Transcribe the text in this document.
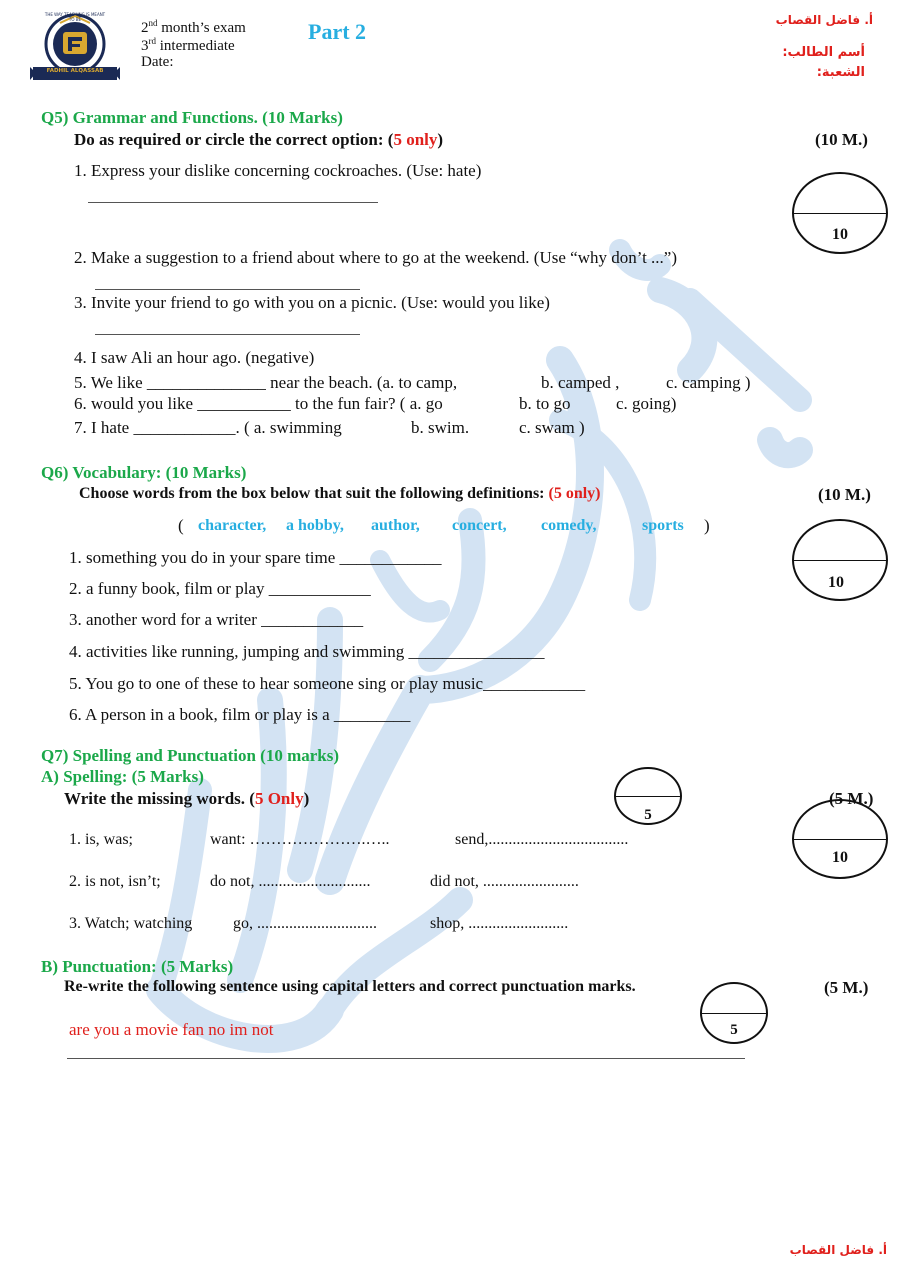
FADHIL ALQASSAB
THE WAY TEACHING IS MEANT TO BE
2nd month’s exam
3rd intermediate
Date:
Part 2	أ. فاضل القصاب
أسم الطالب:
الشعبة:
Q5) Grammar and Functions. (10 Marks)
Do as required or circle the correct option: (5 only)	(10 M.)
10
1. Express your dislike concerning cockroaches. (Use: hate)
2. Make a suggestion to a friend about where to go at the weekend. (Use “why don’t ...”)
3. Invite your friend to go with you on a picnic. (Use: would you like)
4. I saw Ali an hour ago. (negative)
5. We like ______________ near the beach. (a. to camp,	b. camped ,	c. camping )
6. would you like ___________ to the fun fair? ( a. go	b. to go	c. going)
7. I hate ____________. ( a. swimming	b. swim.	c. swam )
Q6) Vocabulary: (10 Marks)
Choose words from the box below that suit the following definitions: (5 only)	(10 M.)
( character, a hobby, author, concert, comedy,	sports )
10
1. something you do in your spare time ____________
2. a funny book, film or play ____________
3. another word for a writer ____________
4. activities like running, jumping and swimming ________________
5. You go to one of these to hear someone sing or play music____________
6. A person in a book, film or play is a _________
Q7) Spelling and Punctuation (10 marks)
A) Spelling: (5 Marks)
Write the missing words. (5 Only)	(5 M.)
5
10
1. is, was;	want: ………………….…..	send,...................................
2. is not, isn’t;	do not, ............................	did not, ........................
3. Watch; watching	go, ..............................	shop, .........................
B) Punctuation: (5 Marks)
Re-write the following sentence using capital letters and correct punctuation marks.	(5 M.)
5
are you a movie fan no im not
أ. فاضل القصاب
